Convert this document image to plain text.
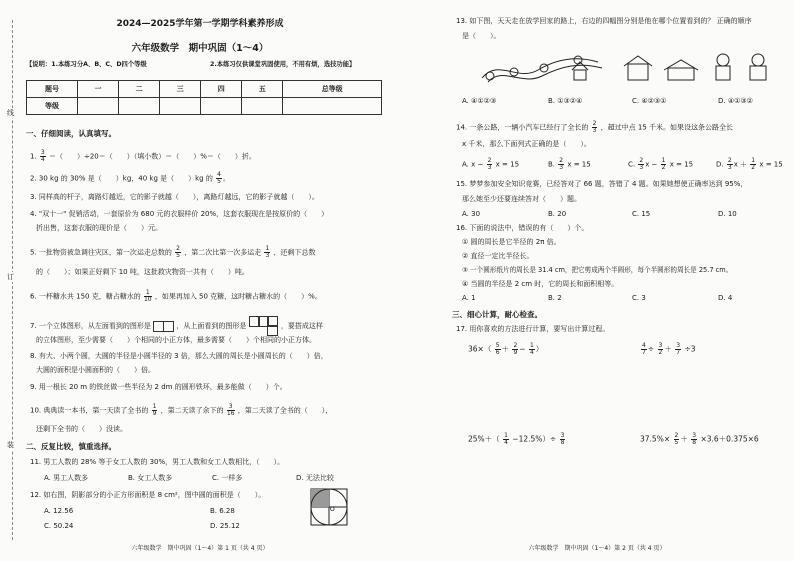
线
订
装
2024—2025学年第一学期学科素养形成
六年级数学　期中巩固（1～4）
【说明：1.本练习分A、B、C、D四个等级	2.本练习仅供课堂巩固使用，不用有烦，选技功能】
题号	一	二	三	四	五	总等级
等级						
一、仔细阅读，认真填写。
1. $\frac{3}{4}$ ＝（　　）÷20＝（　　）（填小数）＝（　　）%＝（　　）折。
2. 30 kg 的 30% 是（　　）kg，40 kg 是（　　）kg 的 $\frac{4}{5}$ 。
3. 同样高的杆子，离路灯越近，它的影子就越（　　），离路灯越远，它的影子就越（　　）。
4. "双十一" 促销活动，一套原价为 680 元的衣服样价 20%，这套衣服现在是按原价的（　　）
折出售，这套衣服的现价是（　　）元。
5. 一批物资被急调往灾区，第一次运走总数的 $\frac{2}{5}$ ，第二次比第一次多运走 $\frac{1}{3}$ ，还剩下总数
的（　　）；如果正好剩下 10 吨，这批救灾物资一共有（　　）吨。
6. 一杯糖水共 150 克，糖占糖水的 $\frac{1}{10}$ ，如果再加入 50 克糖，这时糖占糖水的（　　）%。
7. 一个立体图形，从左面看到的图形是	，从上面看到的图形是	，要搭成这样
的立体图形，至少需要（　　）个相同的小正方体，最多需要（　　）个相同的小正方体。
8. 有大、小两个圆，大圆的半径是小圆半径的 3 倍，那么大圆的周长是小圆周长的（　　）倍，
大圆的面积是小圆面积的（　　）倍。
9. 用一根长 20 m 的铁丝做一些半径为 2 dm 的圆形铁环，最多能做（　　）个。
10. 典典读一本书，第一天读了全书的 $\frac{1}{9}$ ，第二天读了余下的 $\frac{3}{16}$ ，第二天读了全书的（　　），
还剩下全书的（　　）没读。
二、反复比较，慎重选择。
11. 男工人数的 28% 等于女工人数的 30%，男工人数和女工人数相比，（　　）。
A. 男工人数多	B. 女工人数多	C. 一样多	D. 无法比较
12. 如右图，阴影部分的小正方形面积是 8 cm²，图中圆的面积是（　　）。
A. 12.56	B. 6.28
C. 50.24	D. 25.12
O
六年级数学　期中巩固（1～4）第 1 页（共 4 页）
13. 如下图，天天走在放学回家的路上，右边的四幅图分别是他在哪个位置看到的？ 正确的顺序
是（　　）。
A. ④①②③	B. ①③②④	C. ④②③①	D. ④①③②
14. 一条公路，一辆小汽车已经行了全长的 $\frac{2}{3}$ ，超过中点 15 千米。如果设这条公路全长
x 千米，那么下面列式正确的是（　　）。
A. $x - \frac{2}{3}$ x = 15	B. $\frac{2}{3}$ x = 15	C. $\frac{2}{3}$ $x - \frac{1}{2}$ x = 15	D. $\frac{2}{3}$ $x + \frac{1}{2}$ x = 15
15. 梦梦参加安全知识竞赛，已经答对了 66 题，答错了 4 题。如果她想使正确率达到 95%，
那么她至少还要连续答对（　　）题。
A. 30	B. 20	C. 15	D. 10
16. 下面的说法中，错误的有（　　）个。
① 圆的周长是它半径的 2π 倍。
② 直径一定比半径长。
③ 一个圆形纸片的周长是 31.4 cm，把它剪成两个半圆形，每个半圆形的周长是 25.7 cm。
④ 当圆的半径是 2 cm 时，它的周长和面积相等。
A. 1	B. 2	C. 3	D. 4
三、细心计算，耐心检查。
17. 用你喜欢的方法进行计算，要写出计算过程。
$36\times( \frac{5}{6} + \frac{2}{9} - \frac{1}{4}$ ）	$\frac{4}{7} \div \frac{3}{2} + \frac{3}{7} \div 3$
$25\%+( \frac{1}{4} -12.5\%)\div \frac{3}{8}$	$37.5\%\times \frac{2}{5} + \frac{3}{8} \times 3.6+0.375\times 6$
六年级数学　期中巩固（1～4）第 2 页（共 4 页）
